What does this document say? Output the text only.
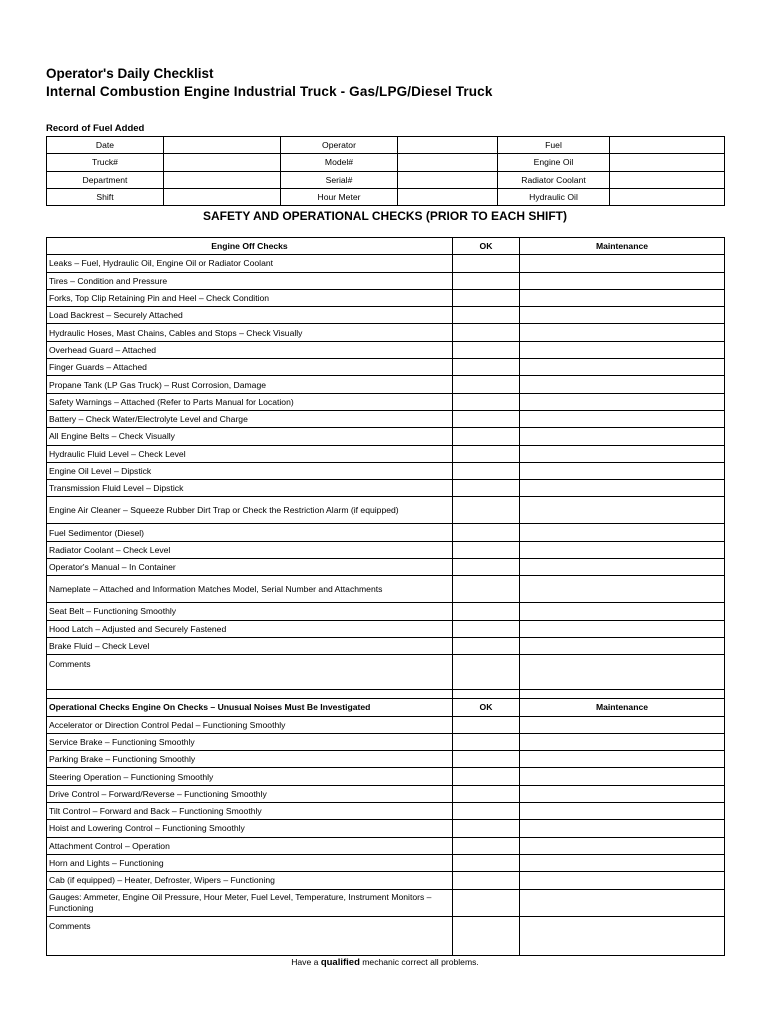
Operator's Daily Checklist
Internal Combustion Engine Industrial Truck - Gas/LPG/Diesel Truck
Record of Fuel Added
Date		Operator		Fuel	
Truck#		Model#		Engine Oil	
Department		Serial#		Radiator Coolant	
Shift		Hour Meter		Hydraulic Oil	
SAFETY AND OPERATIONAL CHECKS (PRIOR TO EACH SHIFT)
Engine Off Checks	OK	Maintenance
Leaks – Fuel, Hydraulic Oil, Engine Oil or Radiator Coolant		
Tires – Condition and Pressure		
Forks, Top Clip Retaining Pin and Heel – Check Condition		
Load Backrest – Securely Attached		
Hydraulic Hoses, Mast Chains, Cables and Stops – Check Visually		
Overhead Guard – Attached		
Finger Guards – Attached		
Propane Tank (LP Gas Truck) – Rust Corrosion, Damage		
Safety Warnings – Attached (Refer to Parts Manual for Location)		
Battery – Check Water/Electrolyte Level and Charge		
All Engine Belts – Check Visually		
Hydraulic Fluid Level – Check Level		
Engine Oil Level – Dipstick		
Transmission Fluid Level – Dipstick		
Engine Air Cleaner – Squeeze Rubber Dirt Trap or Check the Restriction Alarm (if equipped)		
Fuel Sedimentor (Diesel)		
Radiator Coolant – Check Level		
Operator's Manual – In Container		
Nameplate – Attached and Information Matches Model, Serial Number and Attachments		
Seat Belt – Functioning Smoothly		
Hood Latch – Adjusted and Securely Fastened		
Brake Fluid – Check Level		
Comments		

Operational Checks Engine On Checks – Unusual Noises Must Be Investigated	OK	Maintenance
Accelerator or Direction Control Pedal – Functioning Smoothly		
Service Brake – Functioning Smoothly		
Parking Brake – Functioning Smoothly		
Steering Operation – Functioning Smoothly		
Drive Control – Forward/Reverse – Functioning Smoothly		
Tilt Control – Forward and Back – Functioning Smoothly		
Hoist and Lowering Control – Functioning Smoothly		
Attachment Control – Operation		
Horn and Lights – Functioning		
Cab (if equipped) – Heater, Defroster, Wipers – Functioning		
Gauges: Ammeter, Engine Oil Pressure, Hour Meter, Fuel Level, Temperature, Instrument Monitors – Functioning		
Comments		
Have a qualified mechanic correct all problems.
